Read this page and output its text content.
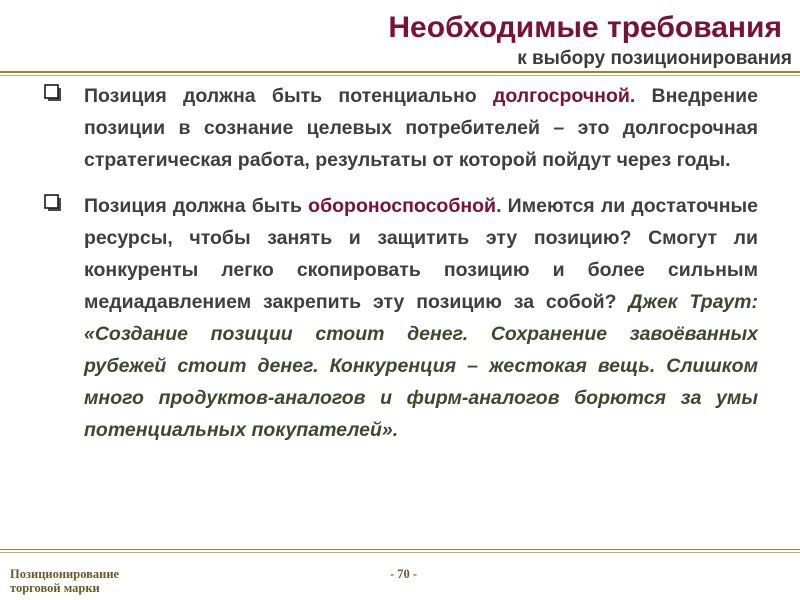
Необходимые требования
к выбору позиционирования

Позиция должна быть потенциально долгосрочной. Внедрение позиции в сознание целевых потребителей – это долгосрочная стратегическая работа, результаты от которой пойдут через годы.

Позиция должна быть обороноспособной. Имеются ли достаточные ресурсы, чтобы занять и защитить эту позицию? Смогут ли конкуренты легко скопировать позицию и более сильным медиадавлением закрепить эту позицию за собой? Джек Траут: «Создание позиции стоит денег. Сохранение завоёванных рубежей стоит денег. Конкуренция – жестокая вещь. Слишком много продуктов-аналогов и фирм-аналогов борются за умы потенциальных покупателей».

Позиционирование
торговой марки
- 70 -
